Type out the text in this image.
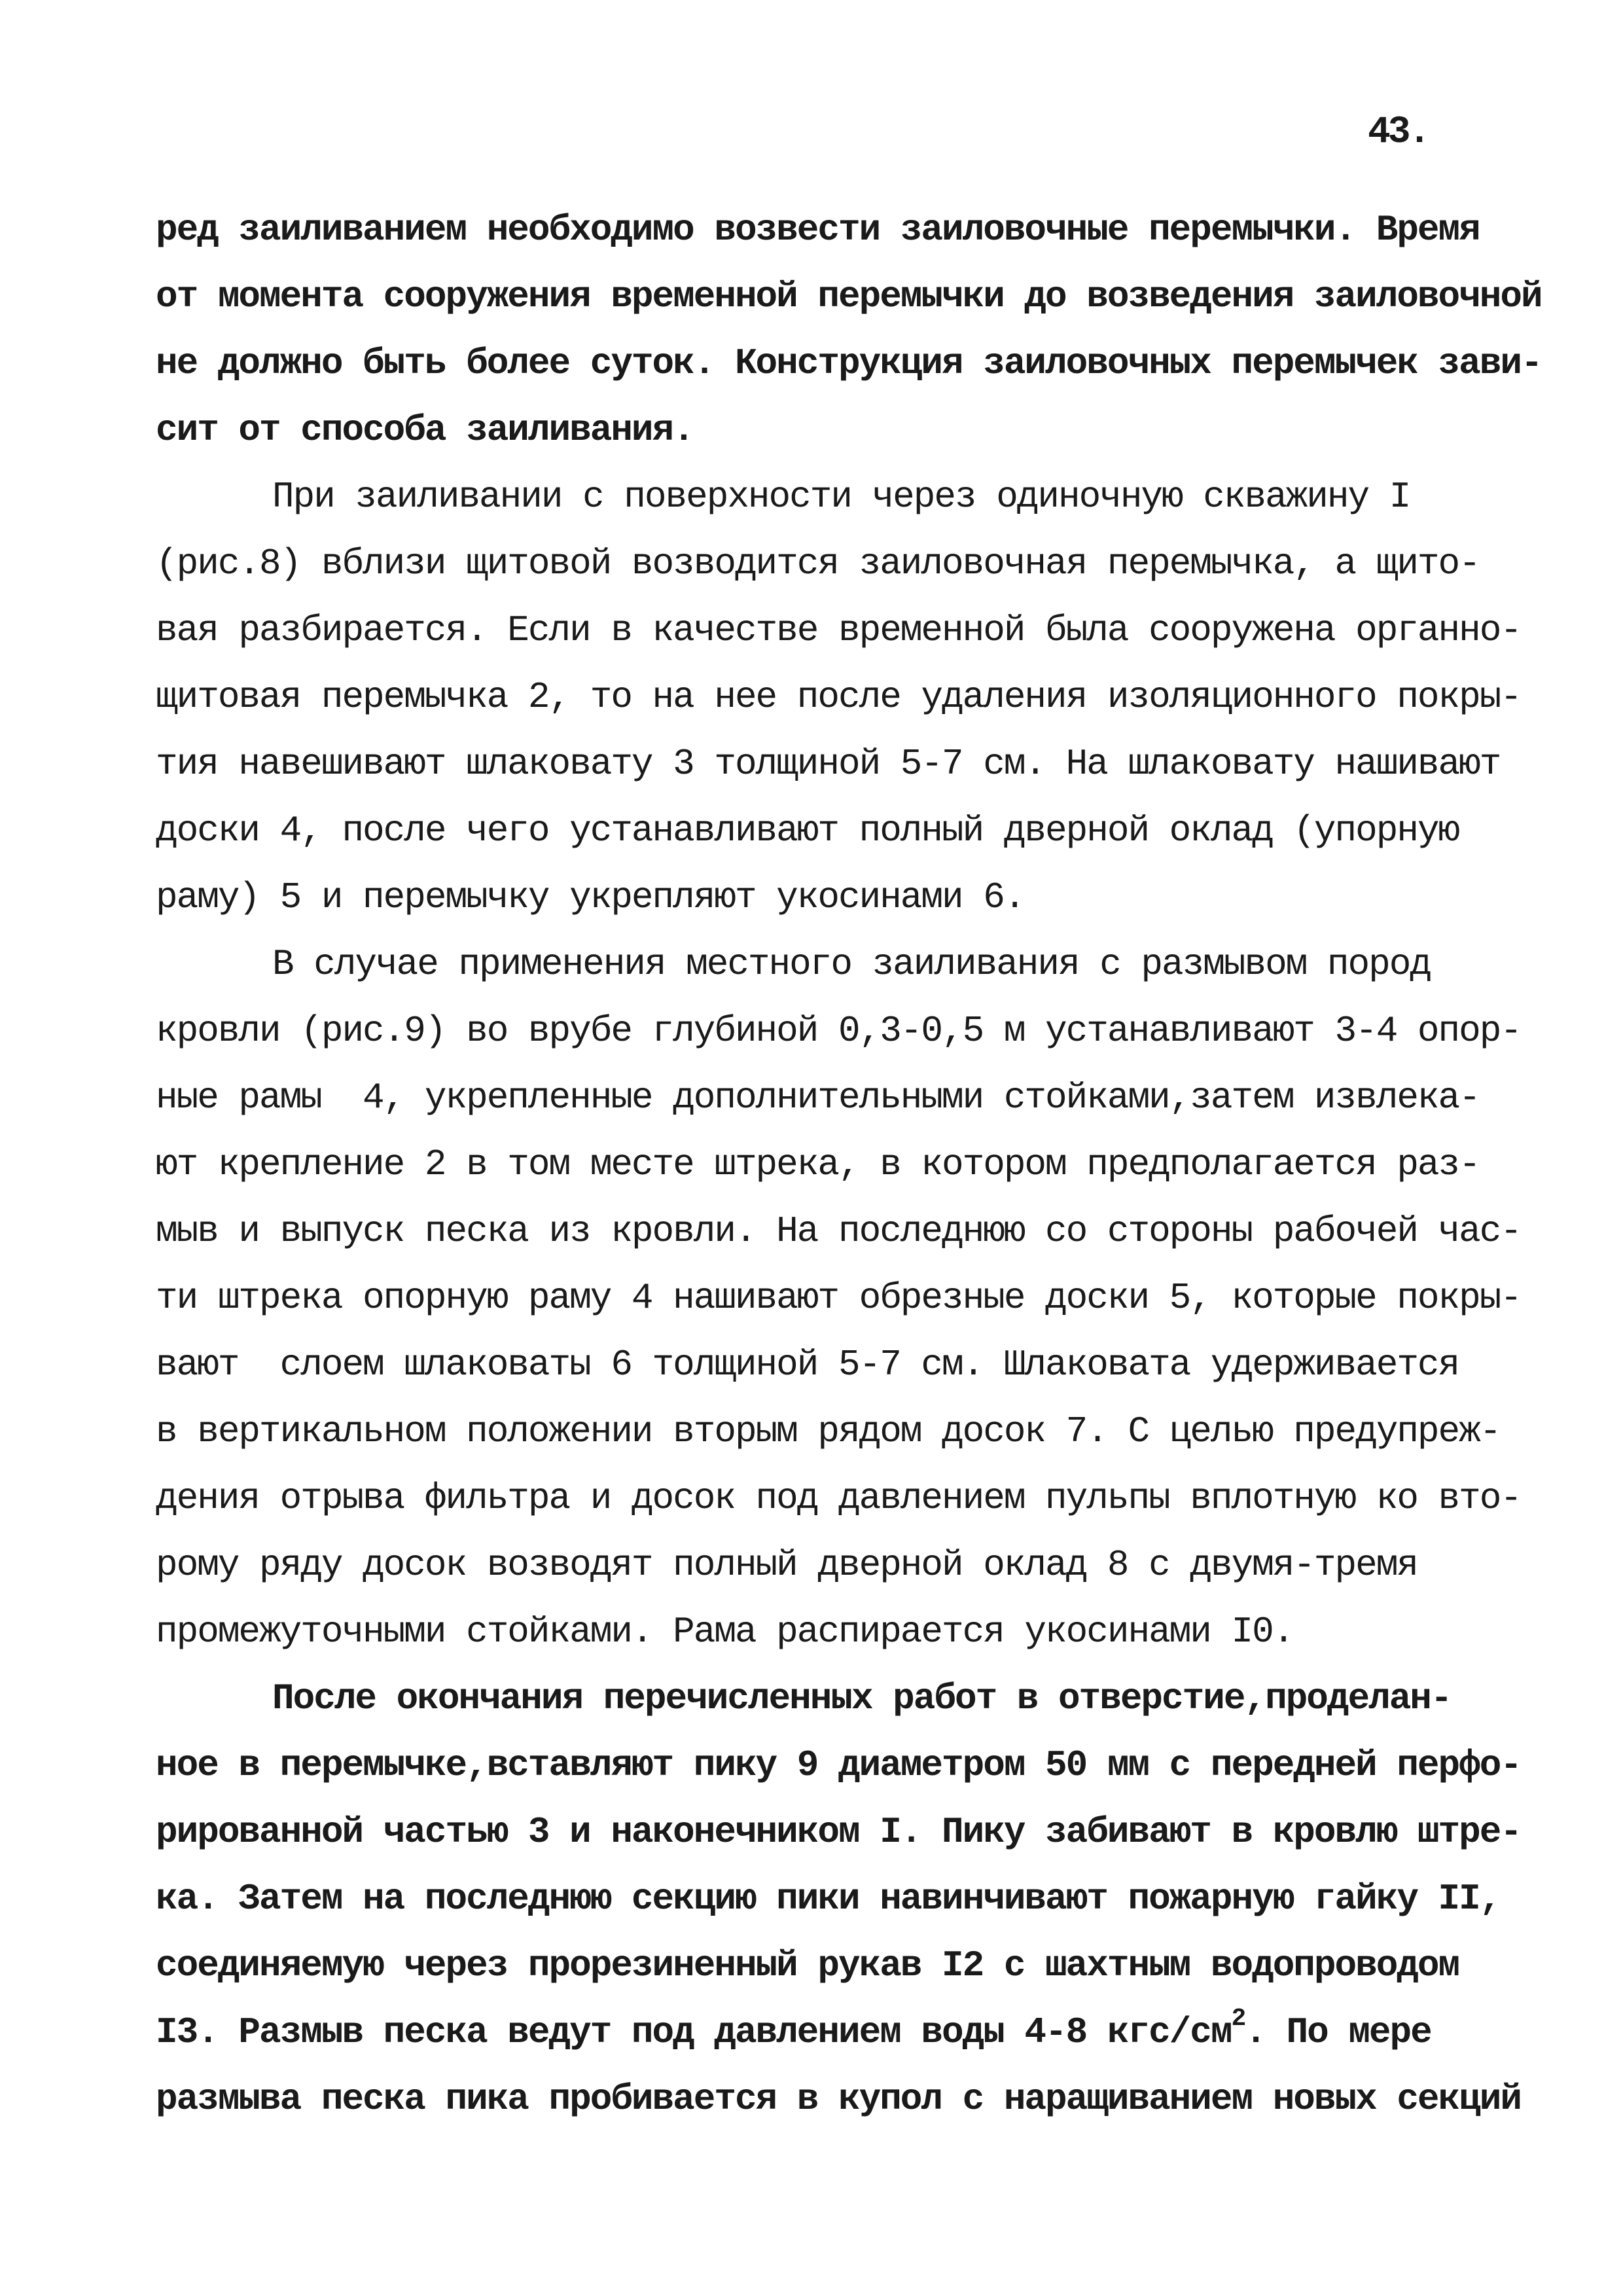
43.
ред заиливанием необходимо возвести заиловочные перемычки. Время
от момента сооружения временной перемычки до возведения заиловочной
не должно быть более суток. Конструкция заиловочных перемычек зави-
сит от способа заиливания.
При заиливании с поверхности через одиночную скважину I
(рис.8) вблизи щитовой возводится заиловочная перемычка, а щито-
вая разбирается. Если в качестве временной была сооружена органно-
щитовая перемычка 2, то на нее после удаления изоляционного покры-
тия навешивают шлаковату 3 толщиной 5-7 см. На шлаковату нашивают
доски 4, после чего устанавливают полный дверной оклад (упорную
раму) 5 и перемычку укрепляют укосинами 6.
В случае применения местного заиливания с размывом пород
кровли (рис.9) во врубе глубиной 0,3-0,5 м устанавливают 3-4 опор-
ные рамы  4, укрепленные дополнительными стойками,затем извлека-
ют крепление 2 в том месте штрека, в котором предполагается раз-
мыв и выпуск песка из кровли. На последнюю со стороны рабочей час-
ти штрека опорную раму 4 нашивают обрезные доски 5, которые покры-
вают  слоем шлаковаты 6 толщиной 5-7 см. Шлаковата удерживается
в вертикальном положении вторым рядом досок 7. С целью предупреж-
дения отрыва фильтра и досок под давлением пульпы вплотную ко вто-
рому ряду досок возводят полный дверной оклад 8 с двумя-тремя
промежуточными стойками. Рама распирается укосинами I0.
После окончания перечисленных работ в отверстие,проделан-
ное в перемычке,вставляют пику 9 диаметром 50 мм с передней перфо-
рированной частью 3 и наконечником I. Пику забивают в кровлю штре-
ка. Затем на последнюю секцию пики навинчивают пожарную гайку II,
соединяемую через прорезиненный рукав I2 с шахтным водопроводом
I3. Размыв песка ведут под давлением воды 4-8 кгс/$см^2$. По мере
размыва песка пика пробивается в купол с наращиванием новых секций
